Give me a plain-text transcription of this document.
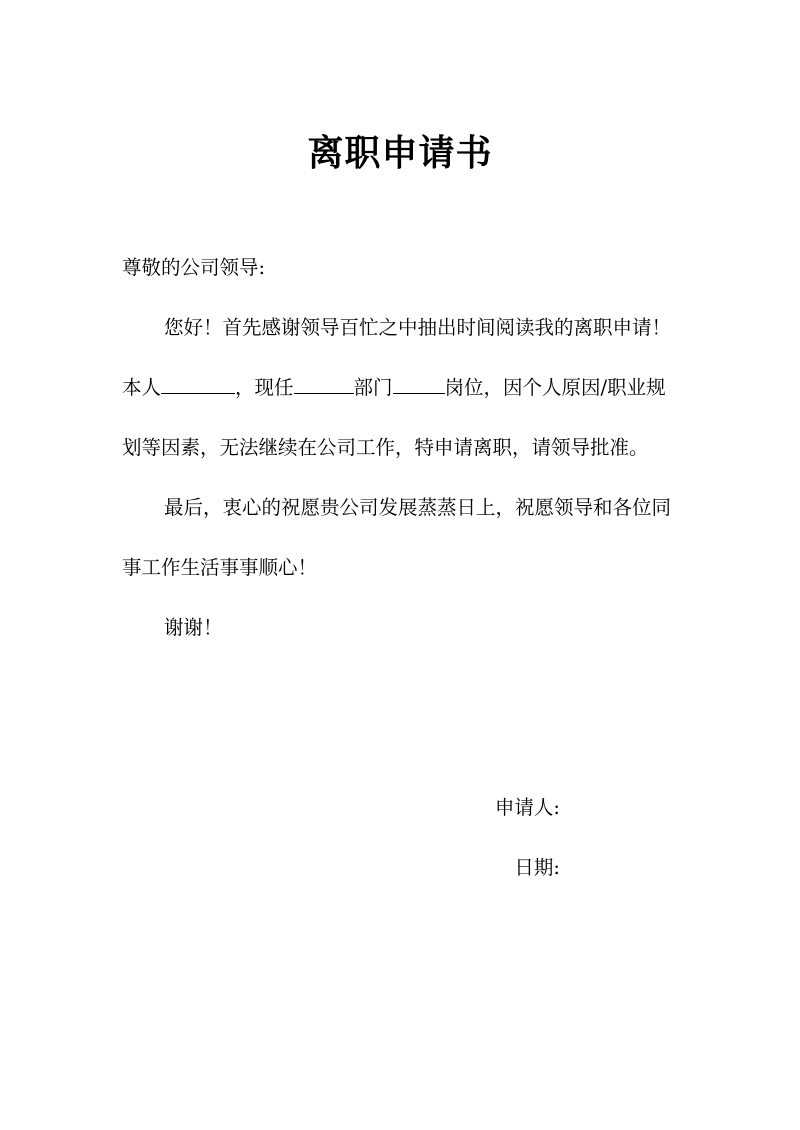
离职申请书

尊敬的公司领导:

您好！首先感谢领导百忙之中抽出时间阅读我的离职申请！本人	，现任	部门	岗位，因个人原因/职业规划等因素，无法继续在公司工作，特申请离职，请领导批准。

最后，衷心的祝愿贵公司发展蒸蒸日上，祝愿领导和各位同事工作生活事事顺心！

谢谢！

申请人:
日期:
